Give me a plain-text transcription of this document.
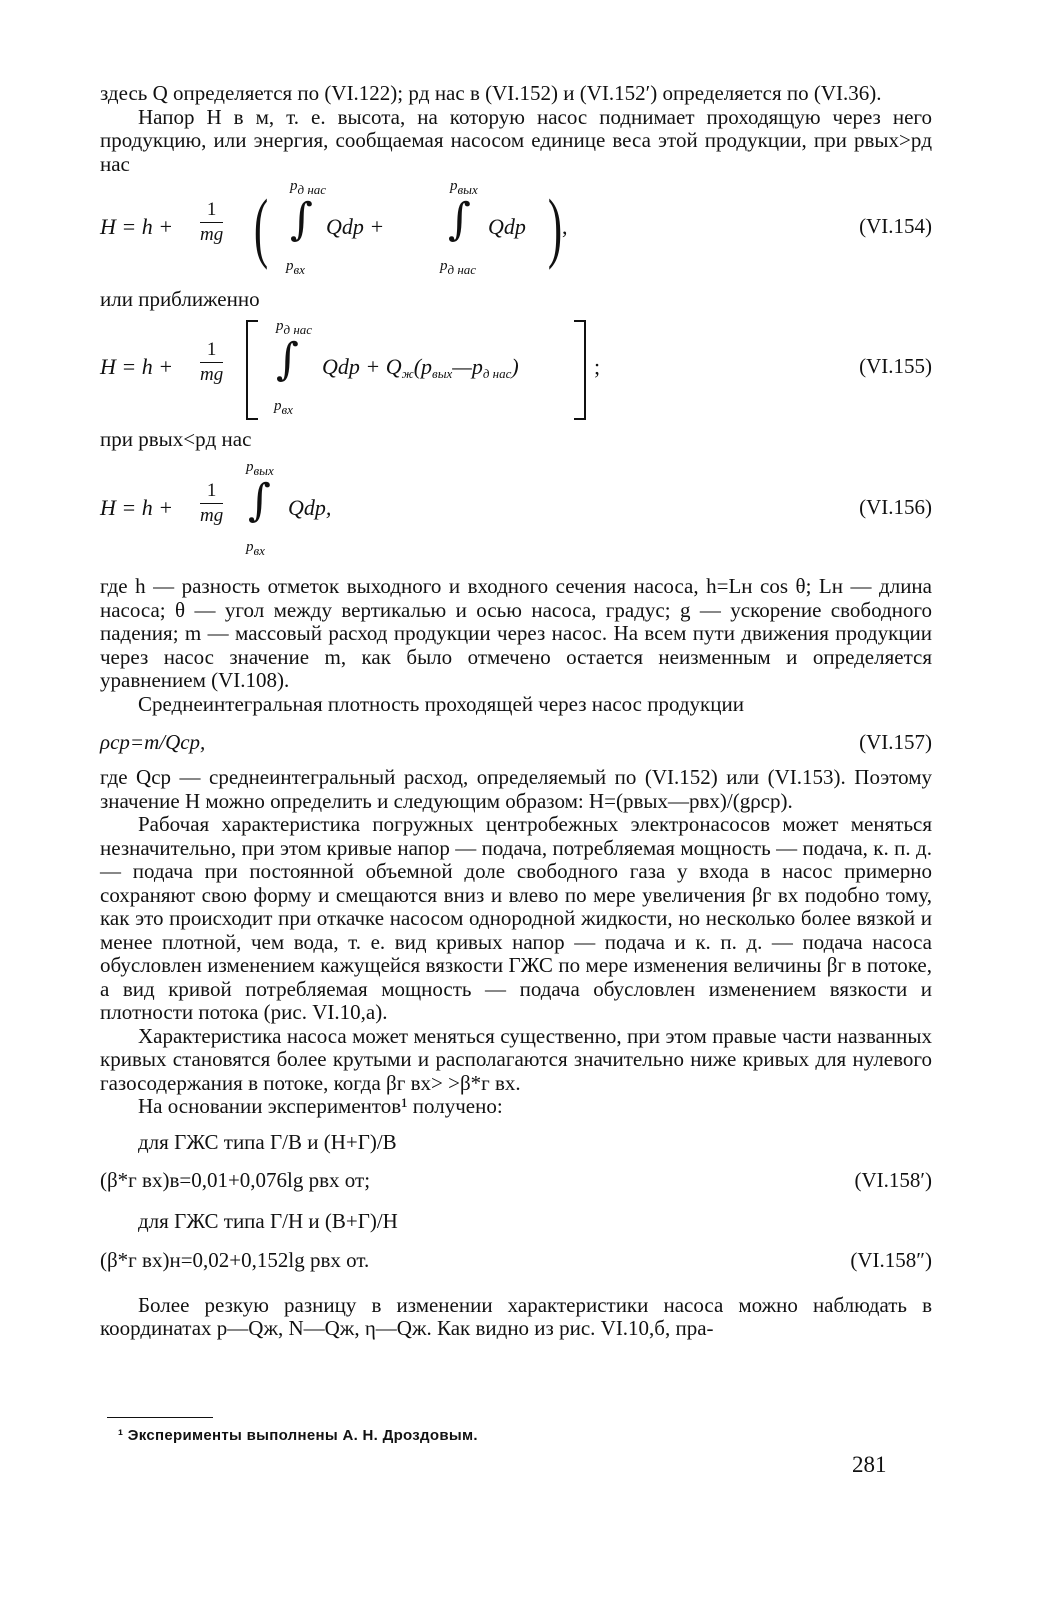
здесь Q определяется по (VI.122); pд нас в (VI.152) и (VI.152′) определяется по (VI.36).

Напор H в м, т. е. высота, на которую насос поднимает проходящую через него продукцию, или энергия, сообщаемая насосом единице веса этой продукции, при pвых>pд нас

$H = h + \frac{1}{mg}$ ( pд нас
∫
pвх
Qdp +
pвых
∫
pд нас
Qdp ) ,	(VI.154)

или приближенно

$H = h + \frac{1}{mg}$
pд нас
∫
pвх
Qdp + Qж(pвых—pд нас)	;	(VI.155)

при pвых<pд нас

$H = h + \frac{1}{mg}$
pвых
∫
pвх
Qdp,	(VI.156)

где h — разность отметок выходного и входного сечения насоса, h=Lн cos θ; Lн — длина насоса; θ — угол между вертикалью и осью насоса, градус; g — ускорение свободного падения; m — массовый расход продукции через насос. На всем пути движения продукции через насос значение m, как было отмечено остается неизменным и определяется уравнением (VI.108).

Среднеинтегральная плотность проходящей через насос продукции

ρср=m/Qср,	(VI.157)

где Qср — среднеинтегральный расход, определяемый по (VI.152) или (VI.153). Поэтому значение H можно определить и следующим образом: H=(pвых—pвх)/(gρср).

Рабочая характеристика погружных центробежных электронасосов может меняться незначительно, при этом кривые напор — подача, потребляемая мощность — подача, к. п. д. — подача при постоянной объемной доле свободного газа у входа в насос примерно сохраняют свою форму и смещаются вниз и влево по мере увеличения βг вх подобно тому, как это происходит при откачке насосом однородной жидкости, но несколько более вязкой и менее плотной, чем вода, т. е. вид кривых напор — подача и к. п. д. — подача насоса обусловлен изменением кажущейся вязкости ГЖС по мере изменения величины βг в потоке, а вид кривой потребляемая мощность — подача обусловлен изменением вязкости и плотности потока (рис. VI.10,а).

Характеристика насоса может меняться существенно, при этом правые части названных кривых становятся более крутыми и располагаются значительно ниже кривых для нулевого газосодержания в потоке, когда βг вх> >β*г вх.

На основании экспериментов¹ получено:

для ГЖС типа Г/В и (Н+Г)/В

(β*г вх)в=0,01+0,076lg pвх от;	(VI.158′)

для ГЖС типа Г/Н и (В+Г)/Н

(β*г вх)н=0,02+0,152lg pвх от.	(VI.158″)

Более резкую разницу в изменении характеристики насоса можно наблюдать в координатах p—Qж, N—Qж, η—Qж. Как видно из рис. VI.10,б, пра-

¹ Эксперименты выполнены А. Н. Дроздовым.
281
